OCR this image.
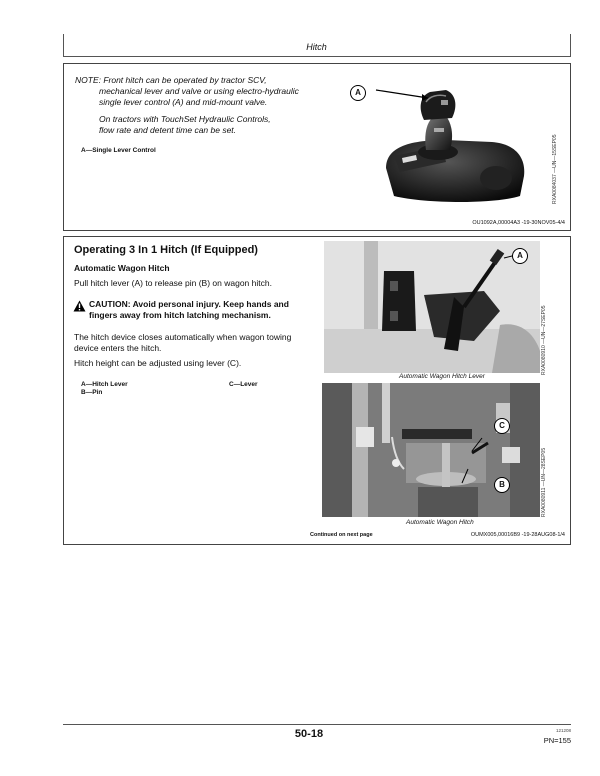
Hitch
NOTE: Front hitch can be operated by tractor SCV,
mechanical lever and valve or using electro-hydraulic
single lever control (A) and mid-mount valve.
On tractors with TouchSet Hydraulic Controls,
flow rate and detent time can be set.
A—Single Lever Control
A
RXA0084037 —UN—15SEP05
OU1092A,00004A3 -19-30NOV05-4/4
Operating 3 In 1 Hitch (If Equipped)
Automatic Wagon Hitch
Pull hitch lever (A) to release pin (B) on wagon hitch.
CAUTION: Avoid personal injury. Keep hands and
fingers away from hitch latching mechanism.
The hitch device closes automatically when wagon towing
device enters the hitch.
Hitch height can be adjusted using lever (C).
A—Hitch Lever
B—Pin
C—Lever
A
RXA0080910 —UN—27SEP05
Automatic Wagon Hitch Lever
C
B	RXA0080911 —UN—28SEP05
Automatic Wagon Hitch
Continued on next page	OUMX005,00016B9 -19-28AUG08-1/4
50-18	121208
PN=155
